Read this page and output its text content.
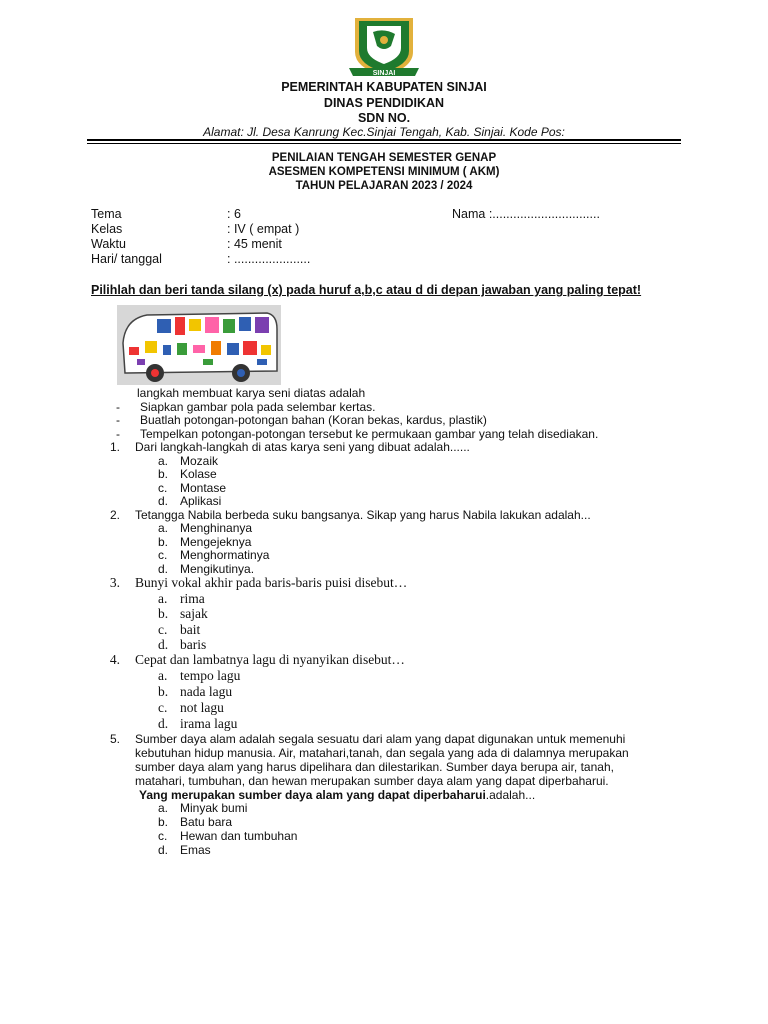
SINJAI
PEMERINTAH KABUPATEN SINJAI
DINAS PENDIDIKAN
SDN NO.
Alamat: Jl. Desa Kanrung Kec.Sinjai Tengah, Kab. Sinjai. Kode Pos:
PENILAIAN TENGAH SEMESTER GENAP
ASESMEN KOMPETENSI MINIMUM ( AKM)
TAHUN PELAJARAN 2023 / 2024
Tema	: 6	Nama :...............................
Kelas	: IV ( empat )
Waktu	: 45 menit
Hari/ tanggal	: ......................
Pilihlah dan beri tanda silang (x) pada huruf a,b,c atau d di depan jawaban yang paling tepat!
langkah membuat karya seni diatas adalah
- Siapkan gambar pola pada selembar kertas.
- Buatlah potongan-potongan bahan (Koran bekas, kardus, plastik)
- Tempelkan potongan-potongan tersebut ke permukaan gambar yang telah disediakan.
1. Dari langkah-langkah di atas karya seni yang dibuat adalah......
a. Mozaik
b. Kolase
c. Montase
d. Aplikasi
2. Tetangga Nabila berbeda suku bangsanya. Sikap yang harus Nabila lakukan adalah...
a. Menghinanya
b. Mengejeknya
c. Menghormatinya
d. Mengikutinya.
3. Bunyi vokal akhir pada baris-baris puisi disebut…
a. rima
b. sajak
c. bait
d. baris
4. Cepat dan lambatnya lagu di nyanyikan disebut…
a. tempo lagu
b. nada lagu
c. not lagu
d. irama lagu
5. Sumber daya alam adalah segala sesuatu dari alam yang dapat digunakan untuk memenuhi
kebutuhan hidup manusia. Air, matahari,tanah, dan segala yang ada di dalamnya merupakan
sumber daya alam yang harus dipelihara dan dilestarikan. Sumber daya berupa air, tanah,
matahari, tumbuhan, dan hewan merupakan sumber daya alam yang dapat diperbaharui.
Yang merupakan sumber daya alam yang dapat diperbaharui.adalah...
a. Minyak bumi
b. Batu bara
c. Hewan dan tumbuhan
d. Emas
